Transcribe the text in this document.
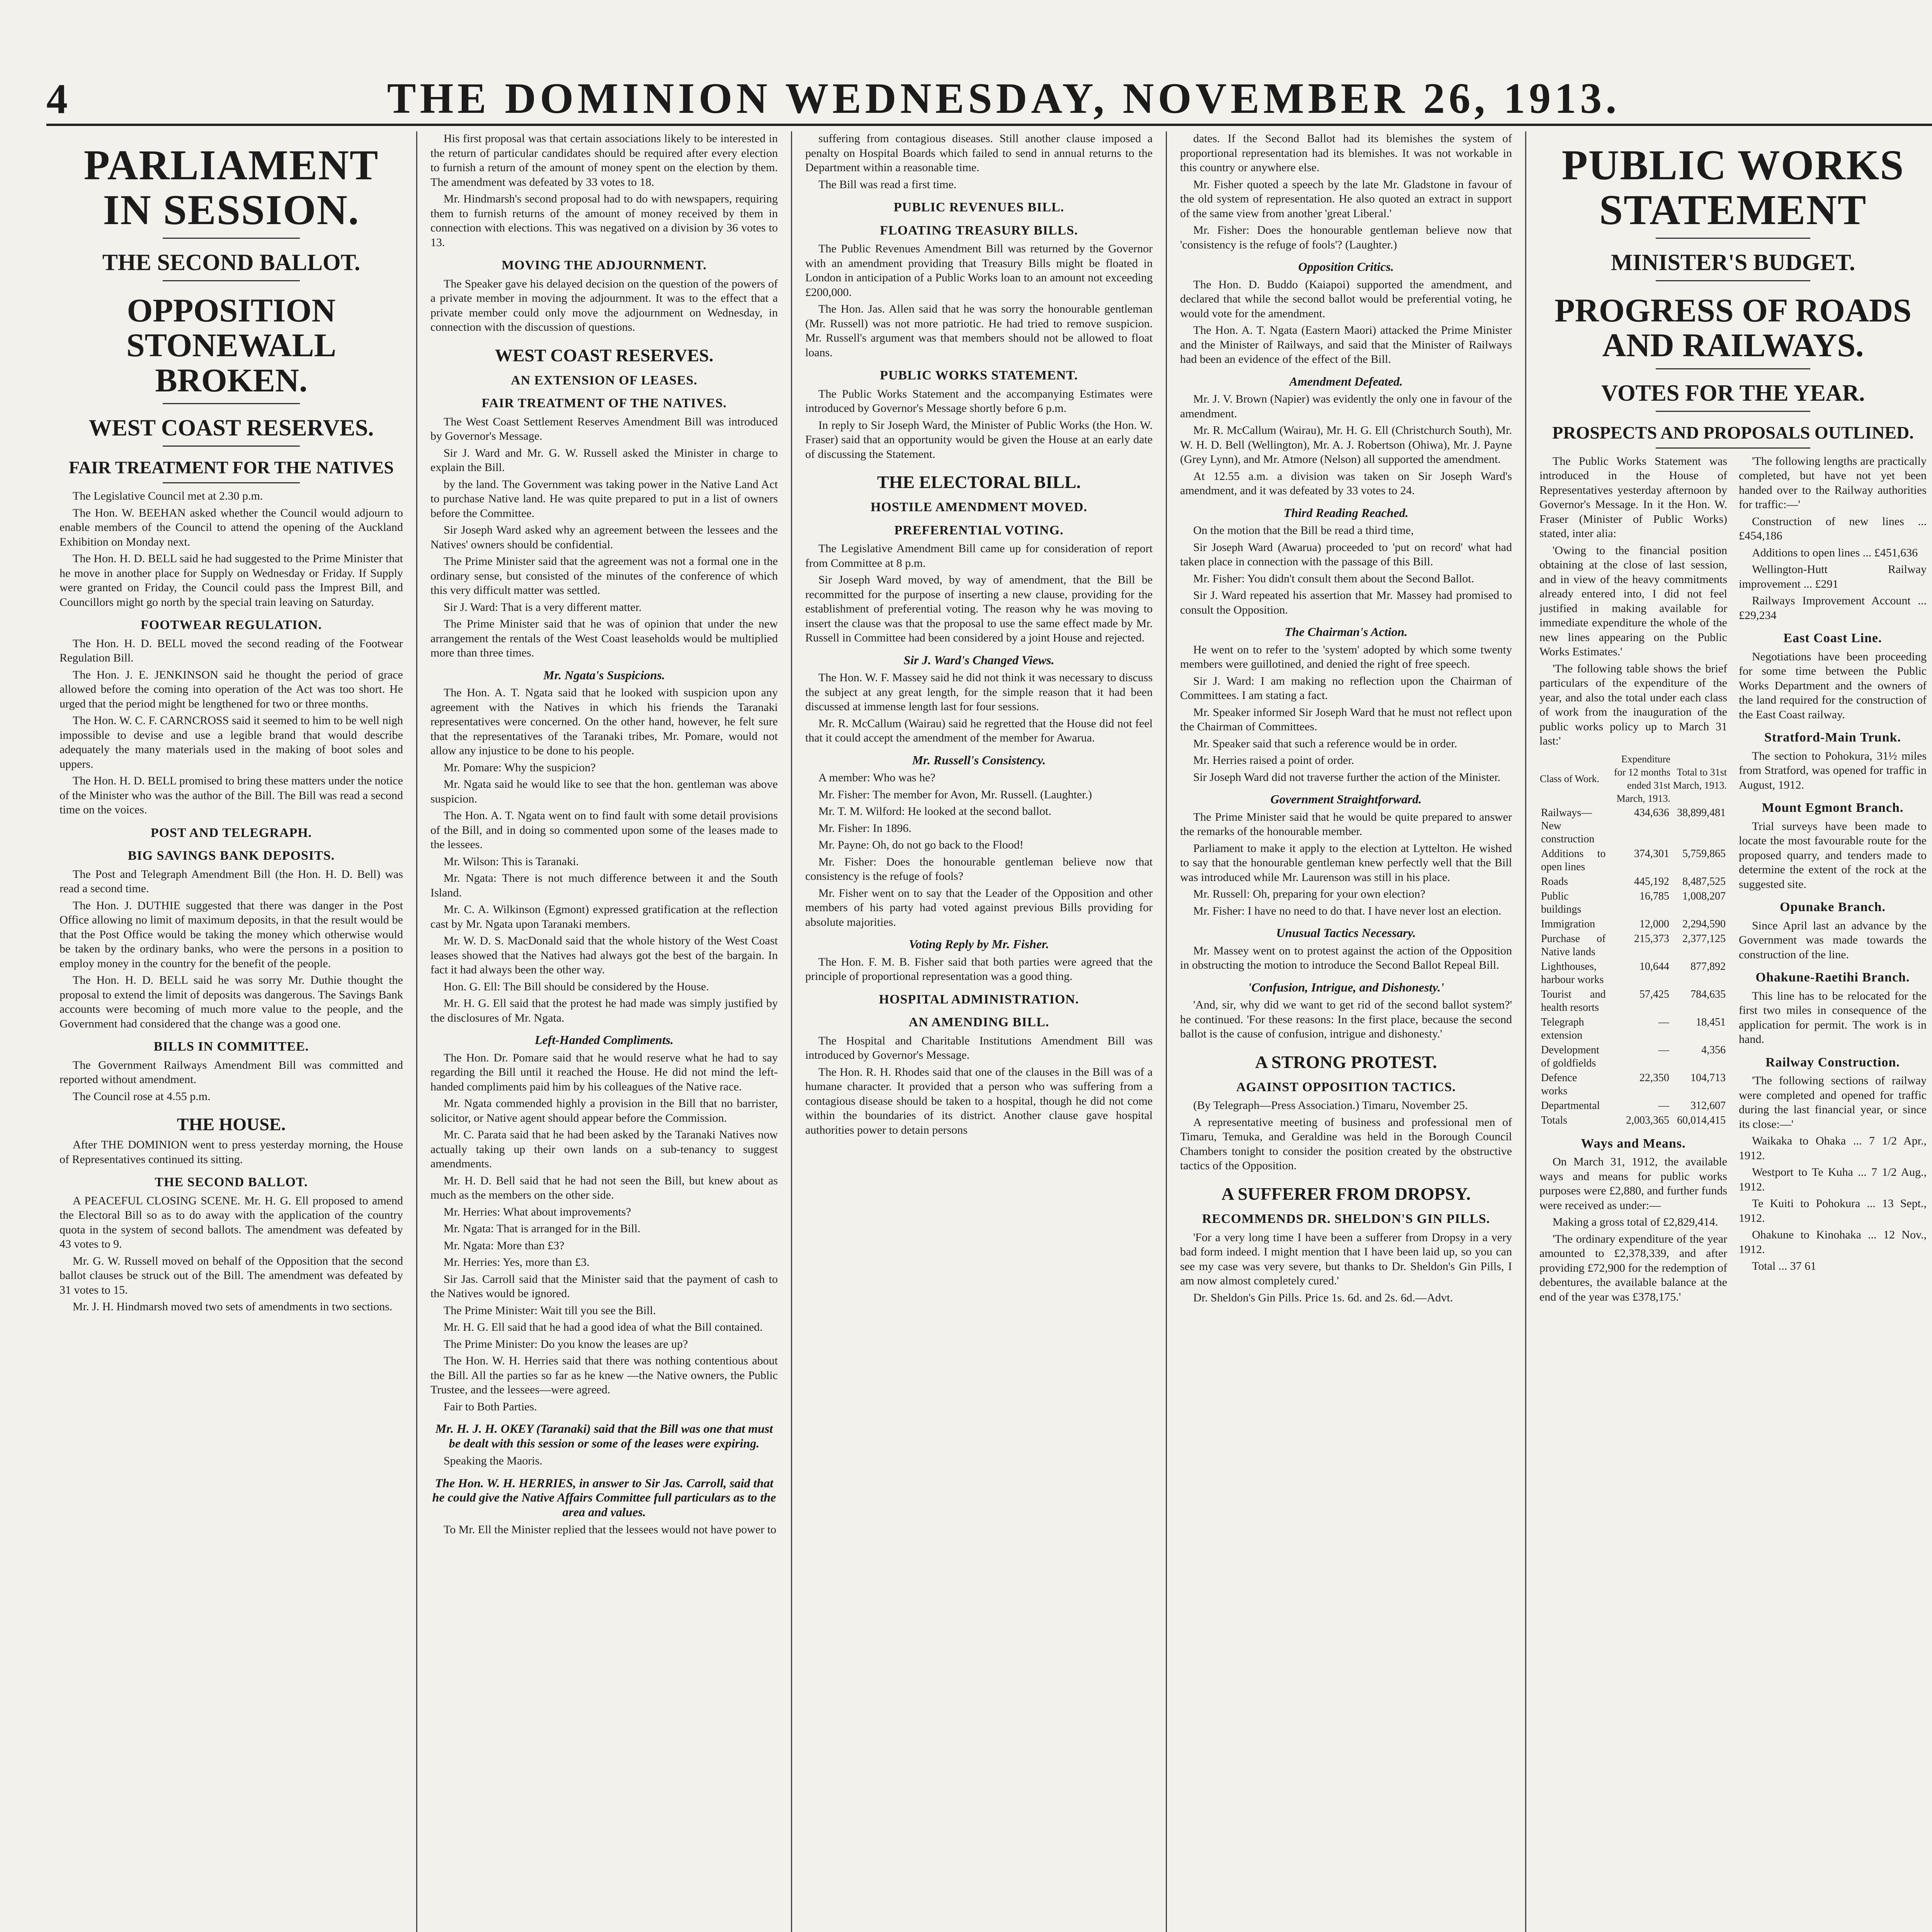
4	THE DOMINION WEDNESDAY, NOVEMBER 26, 1913.
PARLIAMENT IN SESSION.
THE SECOND BALLOT.
OPPOSITION STONEWALL BROKEN.
WEST COAST RESERVES.
FAIR TREATMENT FOR THE NATIVES

The Legislative Council met at 2.30 p.m.

The Hon. W. BEEHAN asked whether the Council would adjourn to enable members of the Council to attend the opening of the Auckland Exhibition on Monday next.

The Hon. H. D. BELL said he had suggested to the Prime Minister that he move in another place for Supply on Wednesday or Friday. If Supply were granted on Friday, the Council could pass the Imprest Bill, and Councillors might go north by the special train leaving on Saturday.

FOOTWEAR REGULATION.

The Hon. H. D. BELL moved the second reading of the Footwear Regulation Bill.

The Hon. J. E. JENKINSON said he thought the period of grace allowed before the coming into operation of the Act was too short. He urged that the period might be lengthened for two or three months.

The Hon. W. C. F. CARNCROSS said it seemed to him to be well nigh impossible to devise and use a legible brand that would describe adequately the many materials used in the making of boot soles and uppers.

The Hon. H. D. BELL promised to bring these matters under the notice of the Minister who was the author of the Bill. The Bill was read a second time on the voices.

POST AND TELEGRAPH.
BIG SAVINGS BANK DEPOSITS.

The Post and Telegraph Amendment Bill (the Hon. H. D. Bell) was read a second time.

The Hon. J. DUTHIE suggested that there was danger in the Post Office allowing no limit of maximum deposits, in that the result would be that the Post Office would be taking the money which otherwise would be taken by the ordinary banks, who were the persons in a position to employ money in the country for the benefit of the people.

The Hon. H. D. BELL said he was sorry Mr. Duthie thought the proposal to extend the limit of deposits was dangerous. The Savings Bank accounts were becoming of much more value to the people, and the Government had considered that the change was a good one.

BILLS IN COMMITTEE.

The Government Railways Amendment Bill was committed and reported without amendment.

The Council rose at 4.55 p.m.

THE HOUSE.

After THE DOMINION went to press yesterday morning, the House of Representatives continued its sitting.

THE SECOND BALLOT.

A PEACEFUL CLOSING SCENE. Mr. H. G. Ell proposed to amend the Electoral Bill so as to do away with the application of the country quota in the system of second ballots. The amendment was defeated by 43 votes to 9.

Mr. G. W. Russell moved on behalf of the Opposition that the second ballot clauses be struck out of the Bill. The amendment was defeated by 31 votes to 15.

Mr. J. H. Hindmarsh moved two sets of amendments in two sections.

His first proposal was that certain associations likely to be interested in the return of particular candidates should be required after every election to furnish a return of the amount of money spent on the election by them. The amendment was defeated by 33 votes to 18.

Mr. Hindmarsh's second proposal had to do with newspapers, requiring them to furnish returns of the amount of money received by them in connection with elections. This was negatived on a division by 36 votes to 13.

MOVING THE ADJOURNMENT.

The Speaker gave his delayed decision on the question of the powers of a private member in moving the adjournment. It was to the effect that a private member could only move the adjournment on Wednesday, in connection with the discussion of questions.

WEST COAST RESERVES.
AN EXTENSION OF LEASES.
FAIR TREATMENT OF THE NATIVES.

The West Coast Settlement Reserves Amendment Bill was introduced by Governor's Message.

Sir J. Ward and Mr. G. W. Russell asked the Minister in charge to explain the Bill.

by the land. The Government was taking power in the Native Land Act to purchase Native land. He was quite prepared to put in a list of owners before the Committee.

Sir Joseph Ward asked why an agreement between the lessees and the Natives' owners should be confidential.

The Prime Minister said that the agreement was not a formal one in the ordinary sense, but consisted of the minutes of the conference of which this very difficult matter was settled.

Sir J. Ward: That is a very different matter.

The Prime Minister said that he was of opinion that under the new arrangement the rentals of the West Coast leaseholds would be multiplied more than three times.

Mr. Ngata's Suspicions.

The Hon. A. T. Ngata said that he looked with suspicion upon any agreement with the Natives in which his friends the Taranaki representatives were concerned. On the other hand, however, he felt sure that the representatives of the Taranaki tribes, Mr. Pomare, would not allow any injustice to be done to his people.

Mr. Pomare: Why the suspicion?

Mr. Ngata said he would like to see that the hon. gentleman was above suspicion.

The Hon. A. T. Ngata went on to find fault with some detail provisions of the Bill, and in doing so commented upon some of the leases made to the lessees.

Mr. Wilson: This is Taranaki.

Mr. Ngata: There is not much difference between it and the South Island.

Mr. C. A. Wilkinson (Egmont) expressed gratification at the reflection cast by Mr. Ngata upon Taranaki members.

Mr. W. D. S. MacDonald said that the whole history of the West Coast leases showed that the Natives had always got the best of the bargain. In fact it had always been the other way.

Hon. G. Ell: The Bill should be considered by the House.

Mr. H. G. Ell said that the protest he had made was simply justified by the disclosures of Mr. Ngata.

Left-Handed Compliments.

The Hon. Dr. Pomare said that he would reserve what he had to say regarding the Bill until it reached the House. He did not mind the left-handed compliments paid him by his colleagues of the Native race.

Mr. Ngata commended highly a provision in the Bill that no barrister, solicitor, or Native agent should appear before the Commission.

Mr. C. Parata said that he had been asked by the Taranaki Natives now actually taking up their own lands on a sub-tenancy to suggest amendments.

Mr. H. D. Bell said that he had not seen the Bill, but knew about as much as the members on the other side.

Mr. Herries: What about improvements?

Mr. Ngata: That is arranged for in the Bill.

Mr. Ngata: More than £3?

Mr. Herries: Yes, more than £3.

Sir Jas. Carroll said that the Minister said that the payment of cash to the Natives would be ignored.

The Prime Minister: Wait till you see the Bill.

Mr. H. G. Ell said that he had a good idea of what the Bill contained.

The Prime Minister: Do you know the leases are up?

The Hon. W. H. Herries said that there was nothing contentious about the Bill. All the parties so far as he knew —the Native owners, the Public Trustee, and the lessees—were agreed.

Fair to Both Parties.

Mr. H. J. H. OKEY (Taranaki) said that the Bill was one that must be dealt with this session or some of the leases were expiring.

Speaking the Maoris.

The Hon. W. H. HERRIES, in answer to Sir Jas. Carroll, said that he could give the Native Affairs Committee full particulars as to the area and values.

To Mr. Ell the Minister replied that the lessees would not have power to

suffering from contagious diseases. Still another clause imposed a penalty on Hospital Boards which failed to send in annual returns to the Department within a reasonable time.

The Bill was read a first time.

PUBLIC REVENUES BILL.
FLOATING TREASURY BILLS.

The Public Revenues Amendment Bill was returned by the Governor with an amendment providing that Treasury Bills might be floated in London in anticipation of a Public Works loan to an amount not exceeding £200,000.

The Hon. Jas. Allen said that he was sorry the honourable gentleman (Mr. Russell) was not more patriotic. He had tried to remove suspicion. Mr. Russell's argument was that members should not be allowed to float loans.

PUBLIC WORKS STATEMENT.

The Public Works Statement and the accompanying Estimates were introduced by Governor's Message shortly before 6 p.m.

In reply to Sir Joseph Ward, the Minister of Public Works (the Hon. W. Fraser) said that an opportunity would be given the House at an early date of discussing the Statement.

THE ELECTORAL BILL.
HOSTILE AMENDMENT MOVED.
PREFERENTIAL VOTING.

The Legislative Amendment Bill came up for consideration of report from Committee at 8 p.m.

Sir Joseph Ward moved, by way of amendment, that the Bill be recommitted for the purpose of inserting a new clause, providing for the establishment of preferential voting. The reason why he was moving to insert the clause was that the proposal to use the same effect made by Mr. Russell in Committee had been considered by a joint House and rejected.

Sir J. Ward's Changed Views.

The Hon. W. F. Massey said he did not think it was necessary to discuss the subject at any great length, for the simple reason that it had been discussed at immense length last for four sessions.

Mr. R. McCallum (Wairau) said he regretted that the House did not feel that it could accept the amendment of the member for Awarua.

Mr. Russell's Consistency.

A member: Who was he?

Mr. Fisher: The member for Avon, Mr. Russell. (Laughter.)

Mr. T. M. Wilford: He looked at the second ballot.

Mr. Fisher: In 1896.

Mr. Payne: Oh, do not go back to the Flood!

Mr. Fisher: Does the honourable gentleman believe now that consistency is the refuge of fools?

Mr. Fisher went on to say that the Leader of the Opposition and other members of his party had voted against previous Bills providing for absolute majorities.

Voting Reply by Mr. Fisher.

The Hon. F. M. B. Fisher said that both parties were agreed that the principle of proportional representation was a good thing.

HOSPITAL ADMINISTRATION.
AN AMENDING BILL.

The Hospital and Charitable Institutions Amendment Bill was introduced by Governor's Message.

The Hon. R. H. Rhodes said that one of the clauses in the Bill was of a humane character. It provided that a person who was suffering from a contagious disease should be taken to a hospital, though he did not come within the boundaries of its district. Another clause gave hospital authorities power to detain persons

dates. If the Second Ballot had its blemishes the system of proportional representation had its blemishes. It was not workable in this country or anywhere else.

Mr. Fisher quoted a speech by the late Mr. Gladstone in favour of the old system of representation. He also quoted an extract in support of the same view from another 'great Liberal.'

Mr. Fisher: Does the honourable gentleman believe now that 'consistency is the refuge of fools'? (Laughter.)

Opposition Critics.

The Hon. D. Buddo (Kaiapoi) supported the amendment, and declared that while the second ballot would be preferential voting, he would vote for the amendment.

The Hon. A. T. Ngata (Eastern Maori) attacked the Prime Minister and the Minister of Railways, and said that the Minister of Railways had been an evidence of the effect of the Bill.

Amendment Defeated.

Mr. J. V. Brown (Napier) was evidently the only one in favour of the amendment.

Mr. R. McCallum (Wairau), Mr. H. G. Ell (Christchurch South), Mr. W. H. D. Bell (Wellington), Mr. A. J. Robertson (Ohiwa), Mr. J. Payne (Grey Lynn), and Mr. Atmore (Nelson) all supported the amendment.

At 12.55 a.m. a division was taken on Sir Joseph Ward's amendment, and it was defeated by 33 votes to 24.

Third Reading Reached.

On the motion that the Bill be read a third time,

Sir Joseph Ward (Awarua) proceeded to 'put on record' what had taken place in connection with the passage of this Bill.

Mr. Fisher: You didn't consult them about the Second Ballot.

Sir J. Ward repeated his assertion that Mr. Massey had promised to consult the Opposition.

The Chairman's Action.

He went on to refer to the 'system' adopted by which some twenty members were guillotined, and denied the right of free speech.

Sir J. Ward: I am making no reflection upon the Chairman of Committees. I am stating a fact.

Mr. Speaker informed Sir Joseph Ward that he must not reflect upon the Chairman of Committees.

Mr. Speaker said that such a reference would be in order.

Mr. Herries raised a point of order.

Sir Joseph Ward did not traverse further the action of the Minister.

Government Straightforward.

The Prime Minister said that he would be quite prepared to answer the remarks of the honourable member.

Parliament to make it apply to the election at Lyttelton. He wished to say that the honourable gentleman knew perfectly well that the Bill was introduced while Mr. Laurenson was still in his place.

Mr. Russell: Oh, preparing for your own election?

Mr. Fisher: I have no need to do that. I have never lost an election.

Unusual Tactics Necessary.

Mr. Massey went on to protest against the action of the Opposition in obstructing the motion to introduce the Second Ballot Repeal Bill.

'Confusion, Intrigue, and Dishonesty.'

'And, sir, why did we want to get rid of the second ballot system?' he continued. 'For these reasons: In the first place, because the second ballot is the cause of confusion, intrigue and dishonesty.'

A STRONG PROTEST.
AGAINST OPPOSITION TACTICS.

(By Telegraph—Press Association.) Timaru, November 25.

A representative meeting of business and professional men of Timaru, Temuka, and Geraldine was held in the Borough Council Chambers tonight to consider the position created by the obstructive tactics of the Opposition.

A SUFFERER FROM DROPSY.
RECOMMENDS DR. SHELDON'S GIN PILLS.

'For a very long time I have been a sufferer from Dropsy in a very bad form indeed. I might mention that I have been laid up, so you can see my case was very severe, but thanks to Dr. Sheldon's Gin Pills, I am now almost completely cured.'

Dr. Sheldon's Gin Pills. Price 1s. 6d. and 2s. 6d.—Advt.

PUBLIC WORKS STATEMENT
MINISTER'S BUDGET.
PROGRESS OF ROADS AND RAILWAYS.
VOTES FOR THE YEAR.
PROSPECTS AND PROPOSALS OUTLINED.

The Public Works Statement was introduced in the House of Representatives yesterday afternoon by Governor's Message. In it the Hon. W. Fraser (Minister of Public Works) stated, inter alia:

'Owing to the financial position obtaining at the close of last session, and in view of the heavy commitments already entered into, I did not feel justified in making available for immediate expenditure the whole of the new lines appearing on the Public Works Estimates.'

'The following table shows the brief particulars of the expenditure of the year, and also the total under each class of work from the inauguration of the public works policy up to March 31 last:'

Class of Work.	Expenditure for 12 months ended 31st March, 1913.	Total to 31st March, 1913.
Railways—New construction	434,636	38,899,481
Additions to open lines	374,301	5,759,865
Roads	445,192	8,487,525
Public buildings	16,785	1,008,207
Immigration	12,000	2,294,590
Purchase of Native lands	215,373	2,377,125
Lighthouses, harbour works	10,644	877,892
Tourist and health resorts	57,425	784,635
Telegraph extension	—	18,451
Development of goldfields	—	4,356
Defence works	22,350	104,713
Departmental	—	312,607
Totals	2,003,365	60,014,415
Ways and Means.

On March 31, 1912, the available ways and means for public works purposes were £2,880, and further funds were received as under:—

Making a gross total of £2,829,414.

'The ordinary expenditure of the year amounted to £2,378,339, and after providing £72,900 for the redemption of debentures, the available balance at the end of the year was £378,175.'

'The following lengths are practically completed, but have not yet been handed over to the Railway authorities for traffic:—'

Construction of new lines ... £454,186

Additions to open lines ... £451,636

Wellington-Hutt Railway improvement ... £291

Railways Improvement Account ... £29,234

East Coast Line.

Negotiations have been proceeding for some time between the Public Works Department and the owners of the land required for the construction of the East Coast railway.

Stratford-Main Trunk.

The section to Pohokura, 31½ miles from Stratford, was opened for traffic in August, 1912.

Mount Egmont Branch.

Trial surveys have been made to locate the most favourable route for the proposed quarry, and tenders made to determine the extent of the rock at the suggested site.

Opunake Branch.

Since April last an advance by the Government was made towards the construction of the line.

Ohakune-Raetihi Branch.

This line has to be relocated for the first two miles in consequence of the application for permit. The work is in hand.

Railway Construction.

'The following sections of railway were completed and opened for traffic during the last financial year, or since its close:—'

Waikaka to Ohaka ... 7 1/2 Apr., 1912.

Westport to Te Kuha ... 7 1/2 Aug., 1912.

Te Kuiti to Pohokura ... 13 Sept., 1912.

Ohakune to Kinohaka ... 12 Nov., 1912.

Total ... 37 61
